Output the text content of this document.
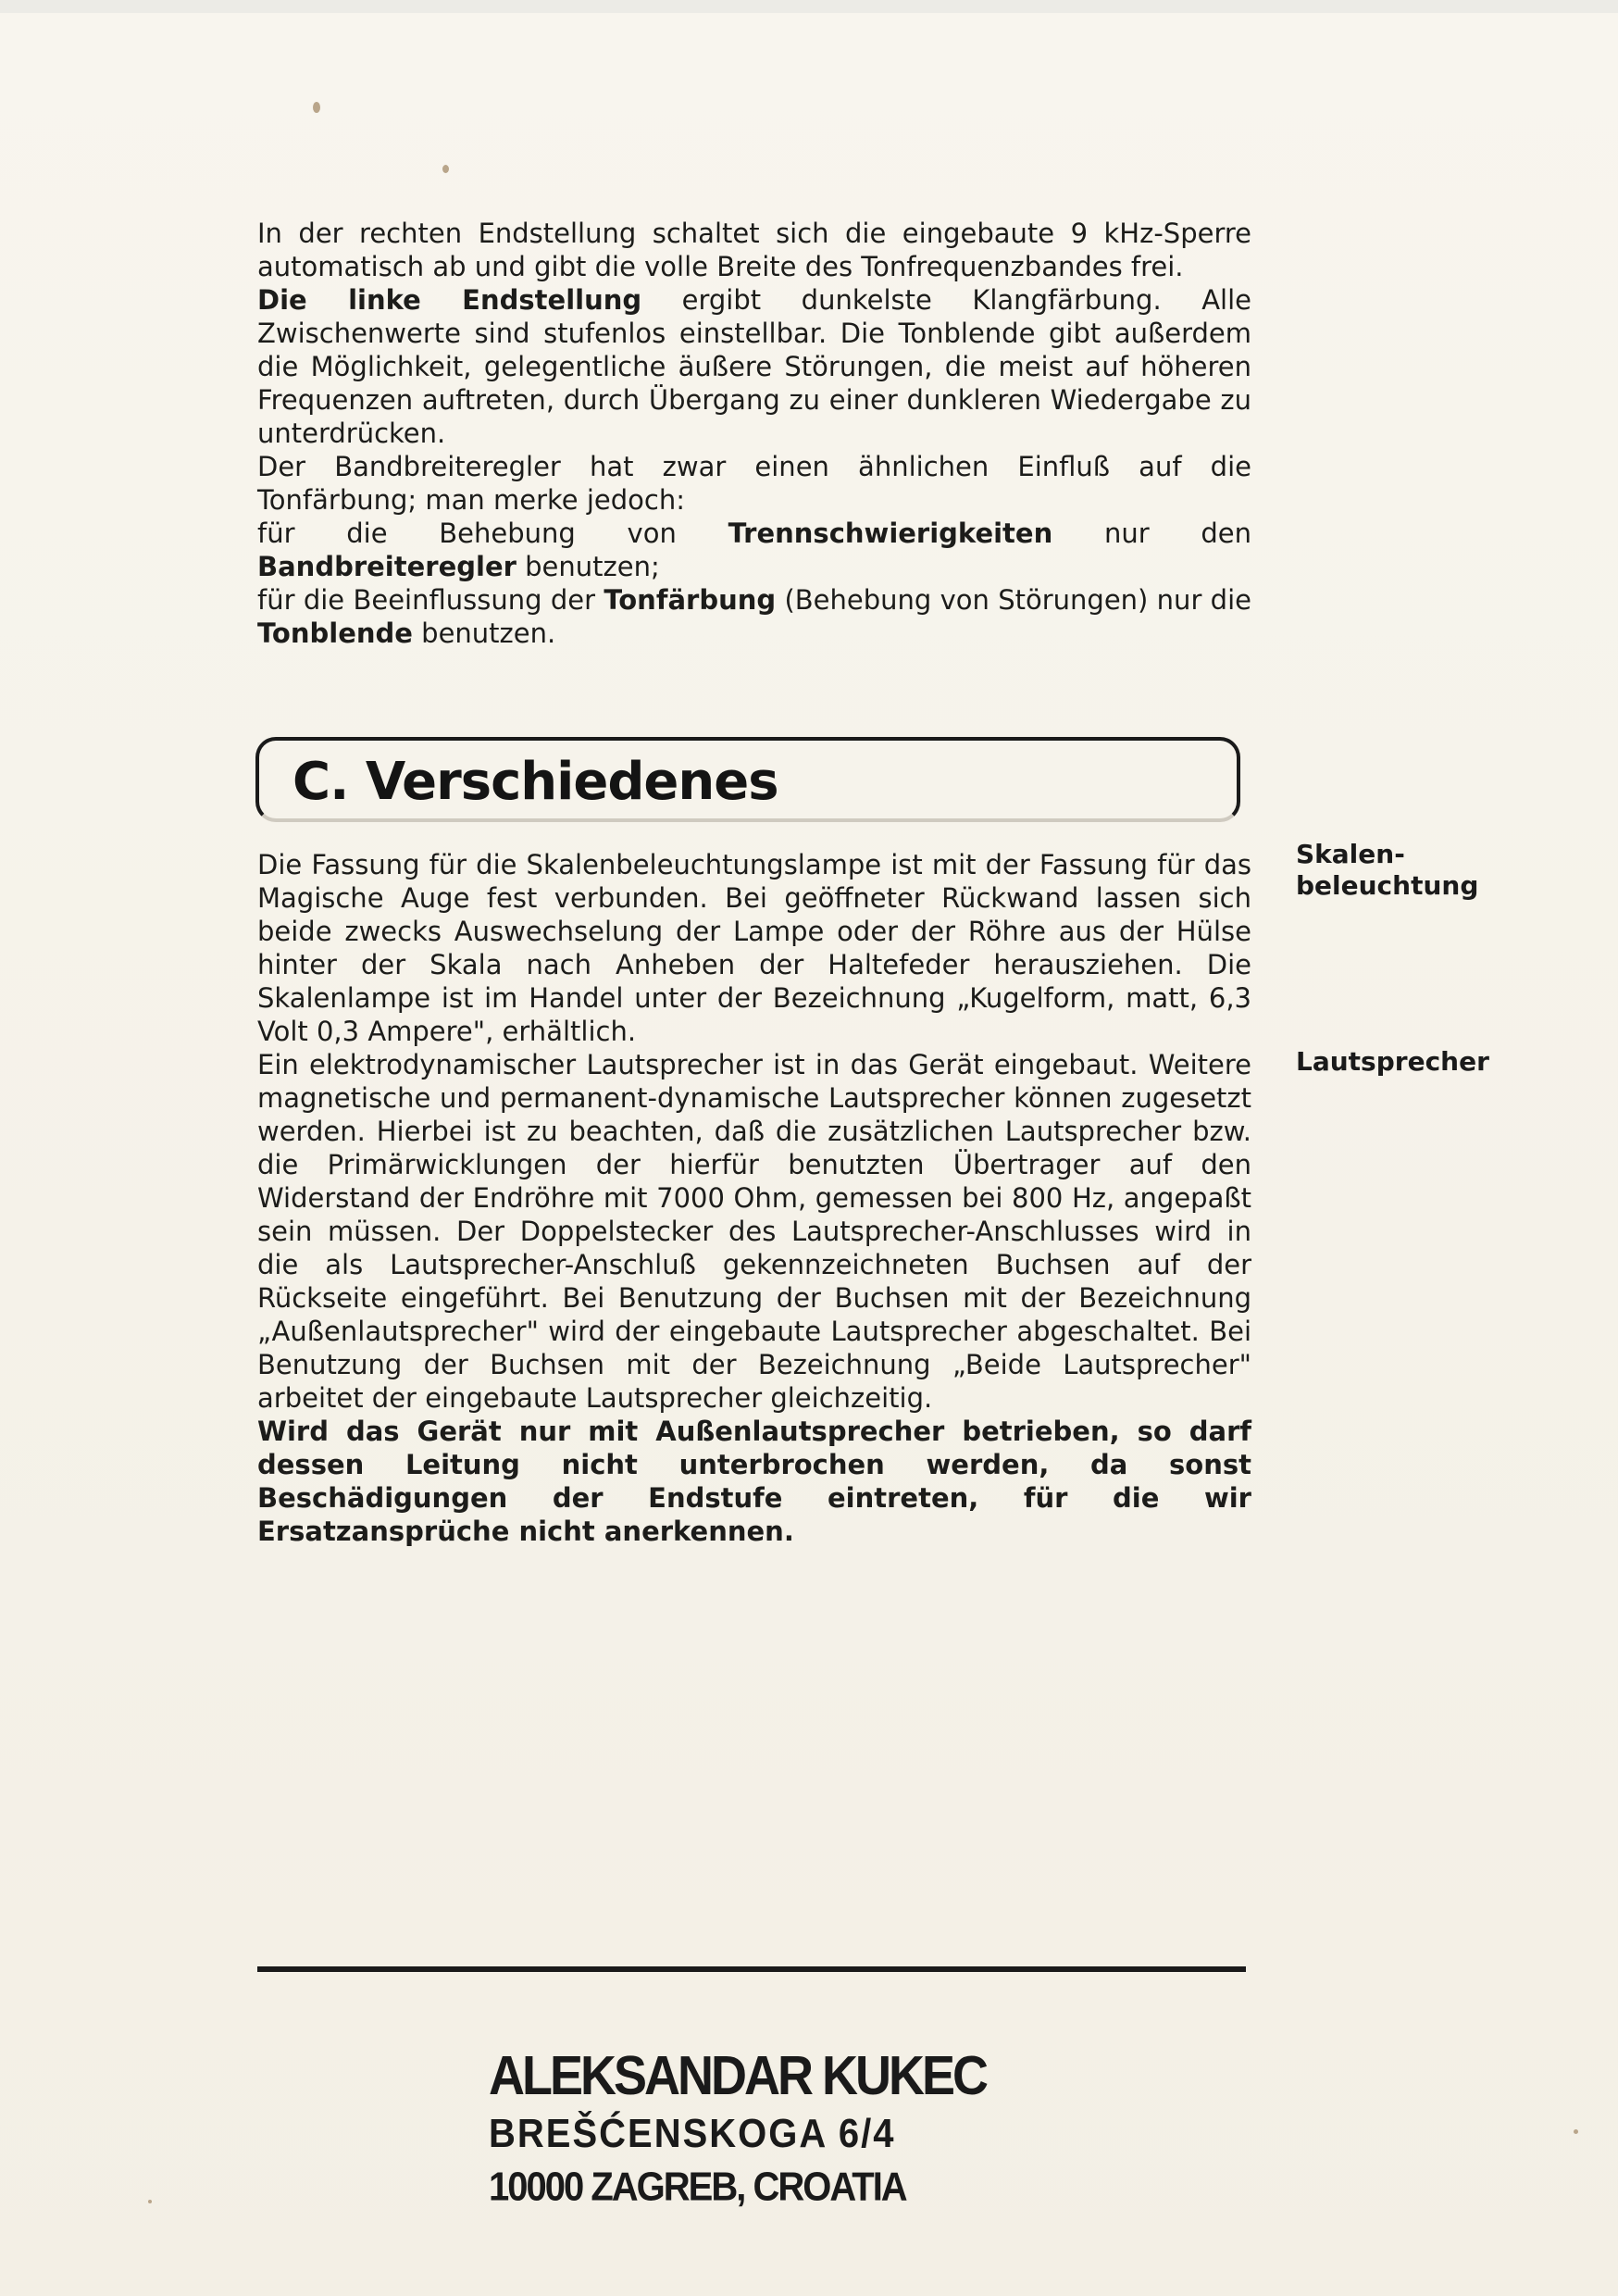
In der rechten Endstellung schaltet sich die eingebaute 9 kHz-Sperre automatisch ab und gibt die volle Breite des Tonfrequenzbandes frei.

Die linke Endstellung ergibt dunkelste Klangfärbung. Alle Zwischenwerte sind stufenlos einstellbar. Die Tonblende gibt außerdem die Möglichkeit, gelegentliche äußere Störungen, die meist auf höheren Frequenzen auftreten, durch Übergang zu einer dunkleren Wiedergabe zu unterdrücken.

Der Bandbreiteregler hat zwar einen ähnlichen Einfluß auf die Tonfärbung; man merke jedoch:

für die Behebung von Trennschwierigkeiten nur den Bandbreiteregler benutzen;

für die Beeinflussung der Tonfärbung (Behebung von Störungen) nur die Tonblende benutzen.

C. Verschiedenes

Die Fassung für die Skalenbeleuchtungslampe ist mit der Fassung für das Magische Auge fest verbunden. Bei geöffneter Rückwand lassen sich beide zwecks Auswechselung der Lampe oder der Röhre aus der Hülse hinter der Skala nach Anheben der Haltefeder herausziehen. Die Skalenlampe ist im Handel unter der Bezeichnung „Kugelform, matt, 6,3 Volt 0,3 Ampere", erhältlich.

Ein elektrodynamischer Lautsprecher ist in das Gerät eingebaut. Weitere magnetische und permanent-dynamische Lautsprecher können zugesetzt werden. Hierbei ist zu beachten, daß die zusätzlichen Lautsprecher bzw. die Primärwicklungen der hierfür benutzten Übertrager auf den Widerstand der Endröhre mit 7000 Ohm, gemessen bei 800 Hz, angepaßt sein müssen. Der Doppelstecker des Lautsprecher-Anschlusses wird in die als Lautsprecher-Anschluß gekennzeichneten Buchsen auf der Rückseite eingeführt. Bei Benutzung der Buchsen mit der Bezeichnung „Außenlautsprecher" wird der eingebaute Lautsprecher abgeschaltet. Bei Benutzung der Buchsen mit der Bezeichnung „Beide Lautsprecher" arbeitet der eingebaute Lautsprecher gleichzeitig.

Wird das Gerät nur mit Außenlautsprecher betrieben, so darf dessen Leitung nicht unterbrochen werden, da sonst Beschädigungen der Endstufe eintreten, für die wir Ersatzansprüche nicht anerkennen.

Skalen-
beleuchtung
Lautsprecher
ALEKSANDAR KUKEC
BREŠĆENSKOGA 6/4
10000 ZAGREB, CROATIA
